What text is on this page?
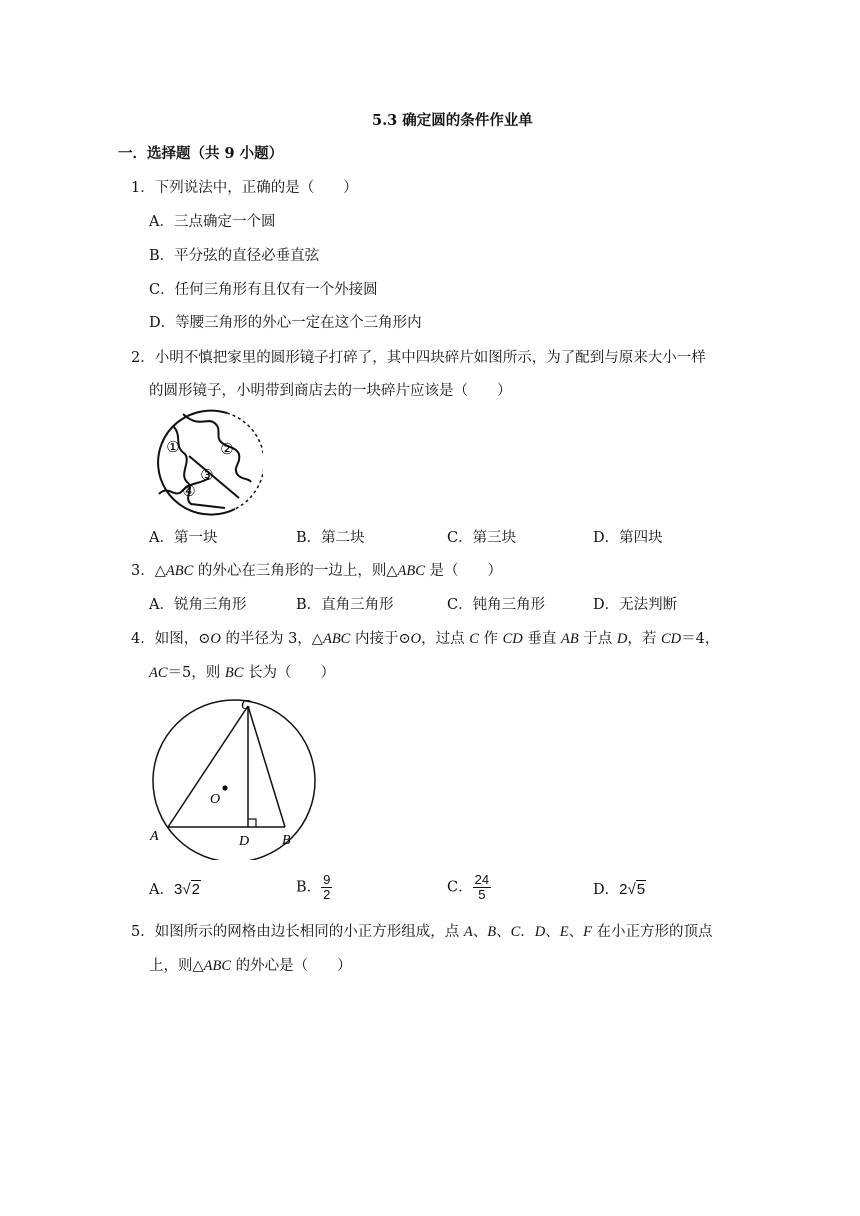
5.3 确定圆的条件作业单
一．选择题（共 9 小题）
1．下列说法中，正确的是（　　）
A．三点确定一个圆
B．平分弦的直径必垂直弦
C．任何三角形有且仅有一个外接圆
D．等腰三角形的外心一定在这个三角形内
2．小明不慎把家里的圆形镜子打碎了，其中四块碎片如图所示，为了配到与原来大小一样
的圆形镜子，小明带到商店去的一块碎片应该是（　　）
①	②
③
④
A．第一块	B．第二块	C．第三块	D．第四块
3．△ABC 的外心在三角形的一边上，则△ABC 是（　　）
A．锐角三角形	B．直角三角形	C．钝角三角形	D．无法判断
4．如图，⊙O 的半径为 3，△ABC 内接于⊙O，过点 C 作 CD 垂直 AB 于点 D，若 CD＝4，
AC＝5，则 BC 长为（　　）
C
O
A	D B
A．3√2	B． $\frac{9}{2}$	C． $\frac{24}{5}$	D．2√5
5．如图所示的网格由边长相同的小正方形组成，点 A、B、C．D、E、F 在小正方形的顶点
上，则△ABC 的外心是（　　）
